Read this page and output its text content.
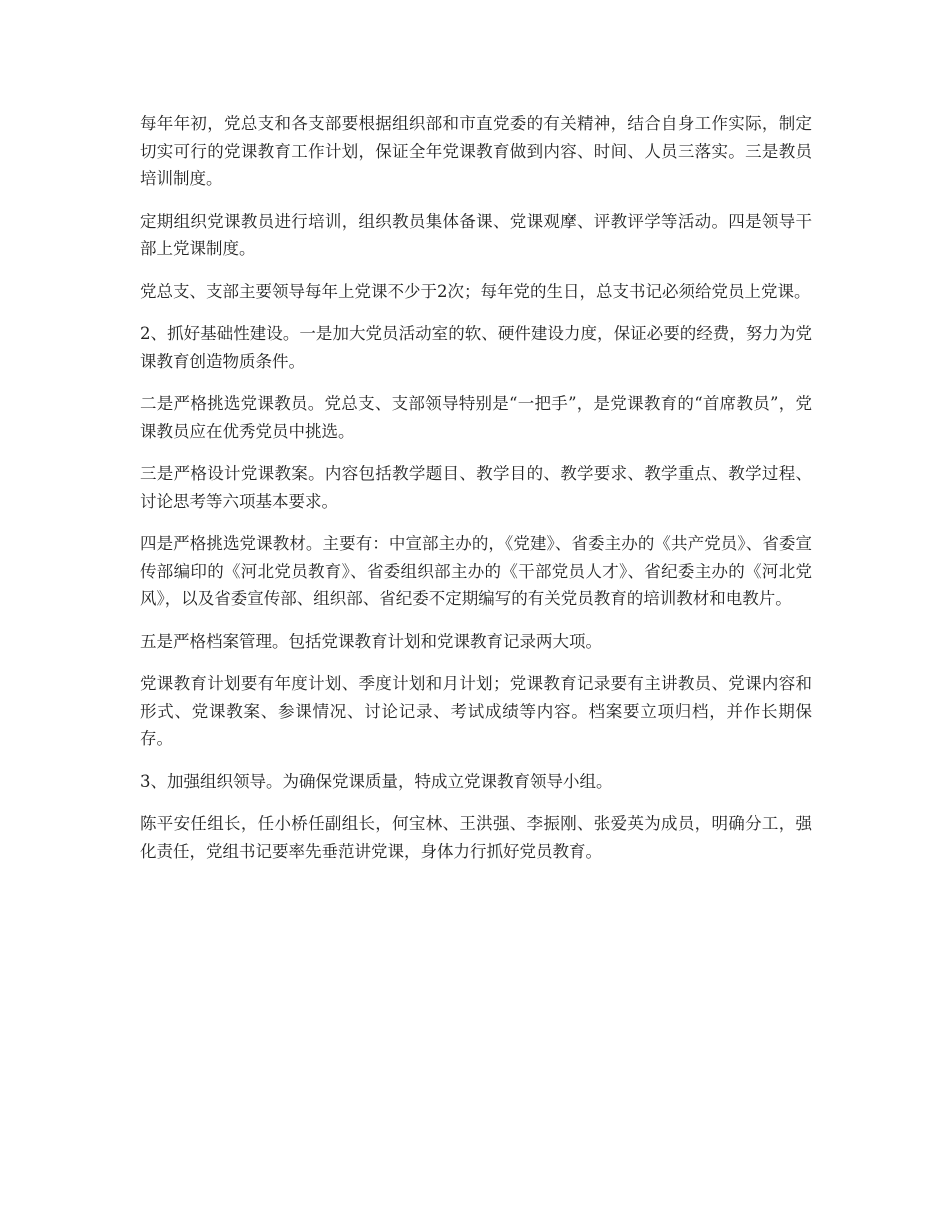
每年年初，党总支和各支部要根据组织部和市直党委的有关精神，结合自身工作实际，制定切实可行的党课教育工作计划，保证全年党课教育做到内容、时间、人员三落实。三是教员培训制度。

定期组织党课教员进行培训，组织教员集体备课、党课观摩、评教评学等活动。四是领导干部上党课制度。

党总支、支部主要领导每年上党课不少于2次；每年党的生日，总支书记必须给党员上党课。

2、抓好基础性建设。一是加大党员活动室的软、硬件建设力度，保证必要的经费，努力为党课教育创造物质条件。

二是严格挑选党课教员。党总支、支部领导特别是“一把手”，是党课教育的“首席教员”，党课教员应在优秀党员中挑选。

三是严格设计党课教案。内容包括教学题目、教学目的、教学要求、教学重点、教学过程、讨论思考等六项基本要求。

四是严格挑选党课教材。主要有：中宣部主办的，《党建》、省委主办的《共产党员》、省委宣传部编印的《河北党员教育》、省委组织部主办的《干部党员人才》、省纪委主办的《河北党风》，以及省委宣传部、组织部、省纪委不定期编写的有关党员教育的培训教材和电教片。

五是严格档案管理。包括党课教育计划和党课教育记录两大项。

党课教育计划要有年度计划、季度计划和月计划；党课教育记录要有主讲教员、党课内容和形式、党课教案、参课情况、讨论记录、考试成绩等内容。档案要立项归档，并作长期保存。

3、加强组织领导。为确保党课质量，特成立党课教育领导小组。

陈平安任组长，任小桥任副组长，何宝林、王洪强、李振刚、张爱英为成员，明确分工，强化责任，党组书记要率先垂范讲党课，身体力行抓好党员教育。
